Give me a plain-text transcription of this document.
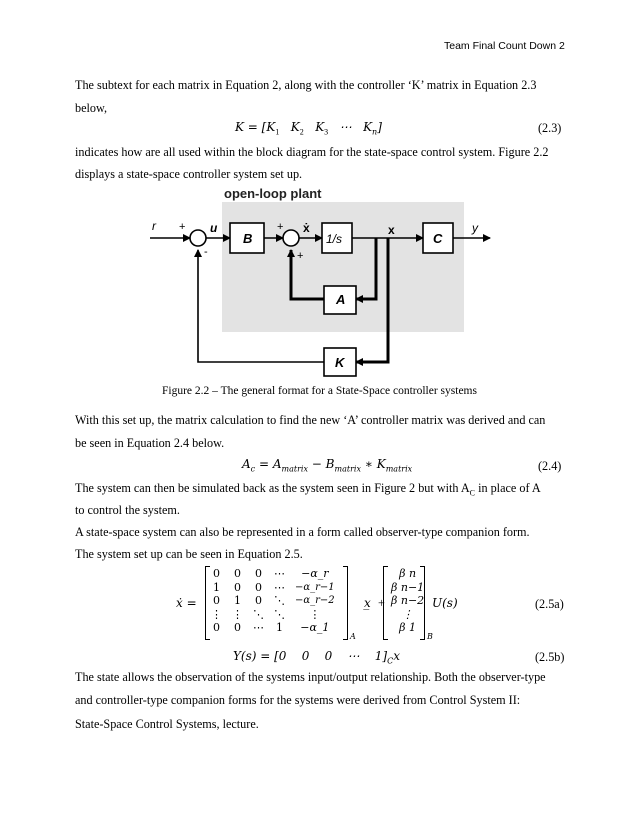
Team Final Count Down 2
The subtext for each matrix in Equation 2, along with the controller ‘K’ matrix in Equation 2.3
below,
$K = [K_1$ $K_2$ $K_3$ ⋯ $K_n$]	(2.3)
indicates how are all used within the block diagram for the state-space control system. Figure 2.2
displays a state-space controller system set up.
open-loop plant
B	1/s	C
A
K
r +
-
u	+
+
ẋ	x	y
Figure 2.2 – The general format for a State-Space controller systems
With this set up, the matrix calculation to find the new ‘A’ controller matrix was derived and can
be seen in Equation 2.4 below.
$A_c = A_{matrix} - B_{matrix}$ ∗ $K_{matrix}$	(2.4)
The system can then be simulated back as the system seen in Figure 2 but with $A_C$ in place of A
to control the system.
A state-space system can also be represented in a form called observer-type companion form.
The system set up can be seen in Equation 2.5.
ẋ =
0	0	0	⋯	−α_r
1	0	0	⋯	−α_r−1
0	1	0	⋱	−α_r−2
⋮	⋮	⋱	⋱	⋮
0	0	⋯	1	−α_1
A
x̲ +
β n
β n−1
β n−2
⋮
β 1
B
U(s)	(2.5a)
Y(s) = [0    0    0    ⋯    $1]_Cx$	(2.5b)
The state allows the observation of the systems input/output relationship. Both the observer-type
and controller-type companion forms for the systems were derived from Control System II:
State-Space Control Systems, lecture.
